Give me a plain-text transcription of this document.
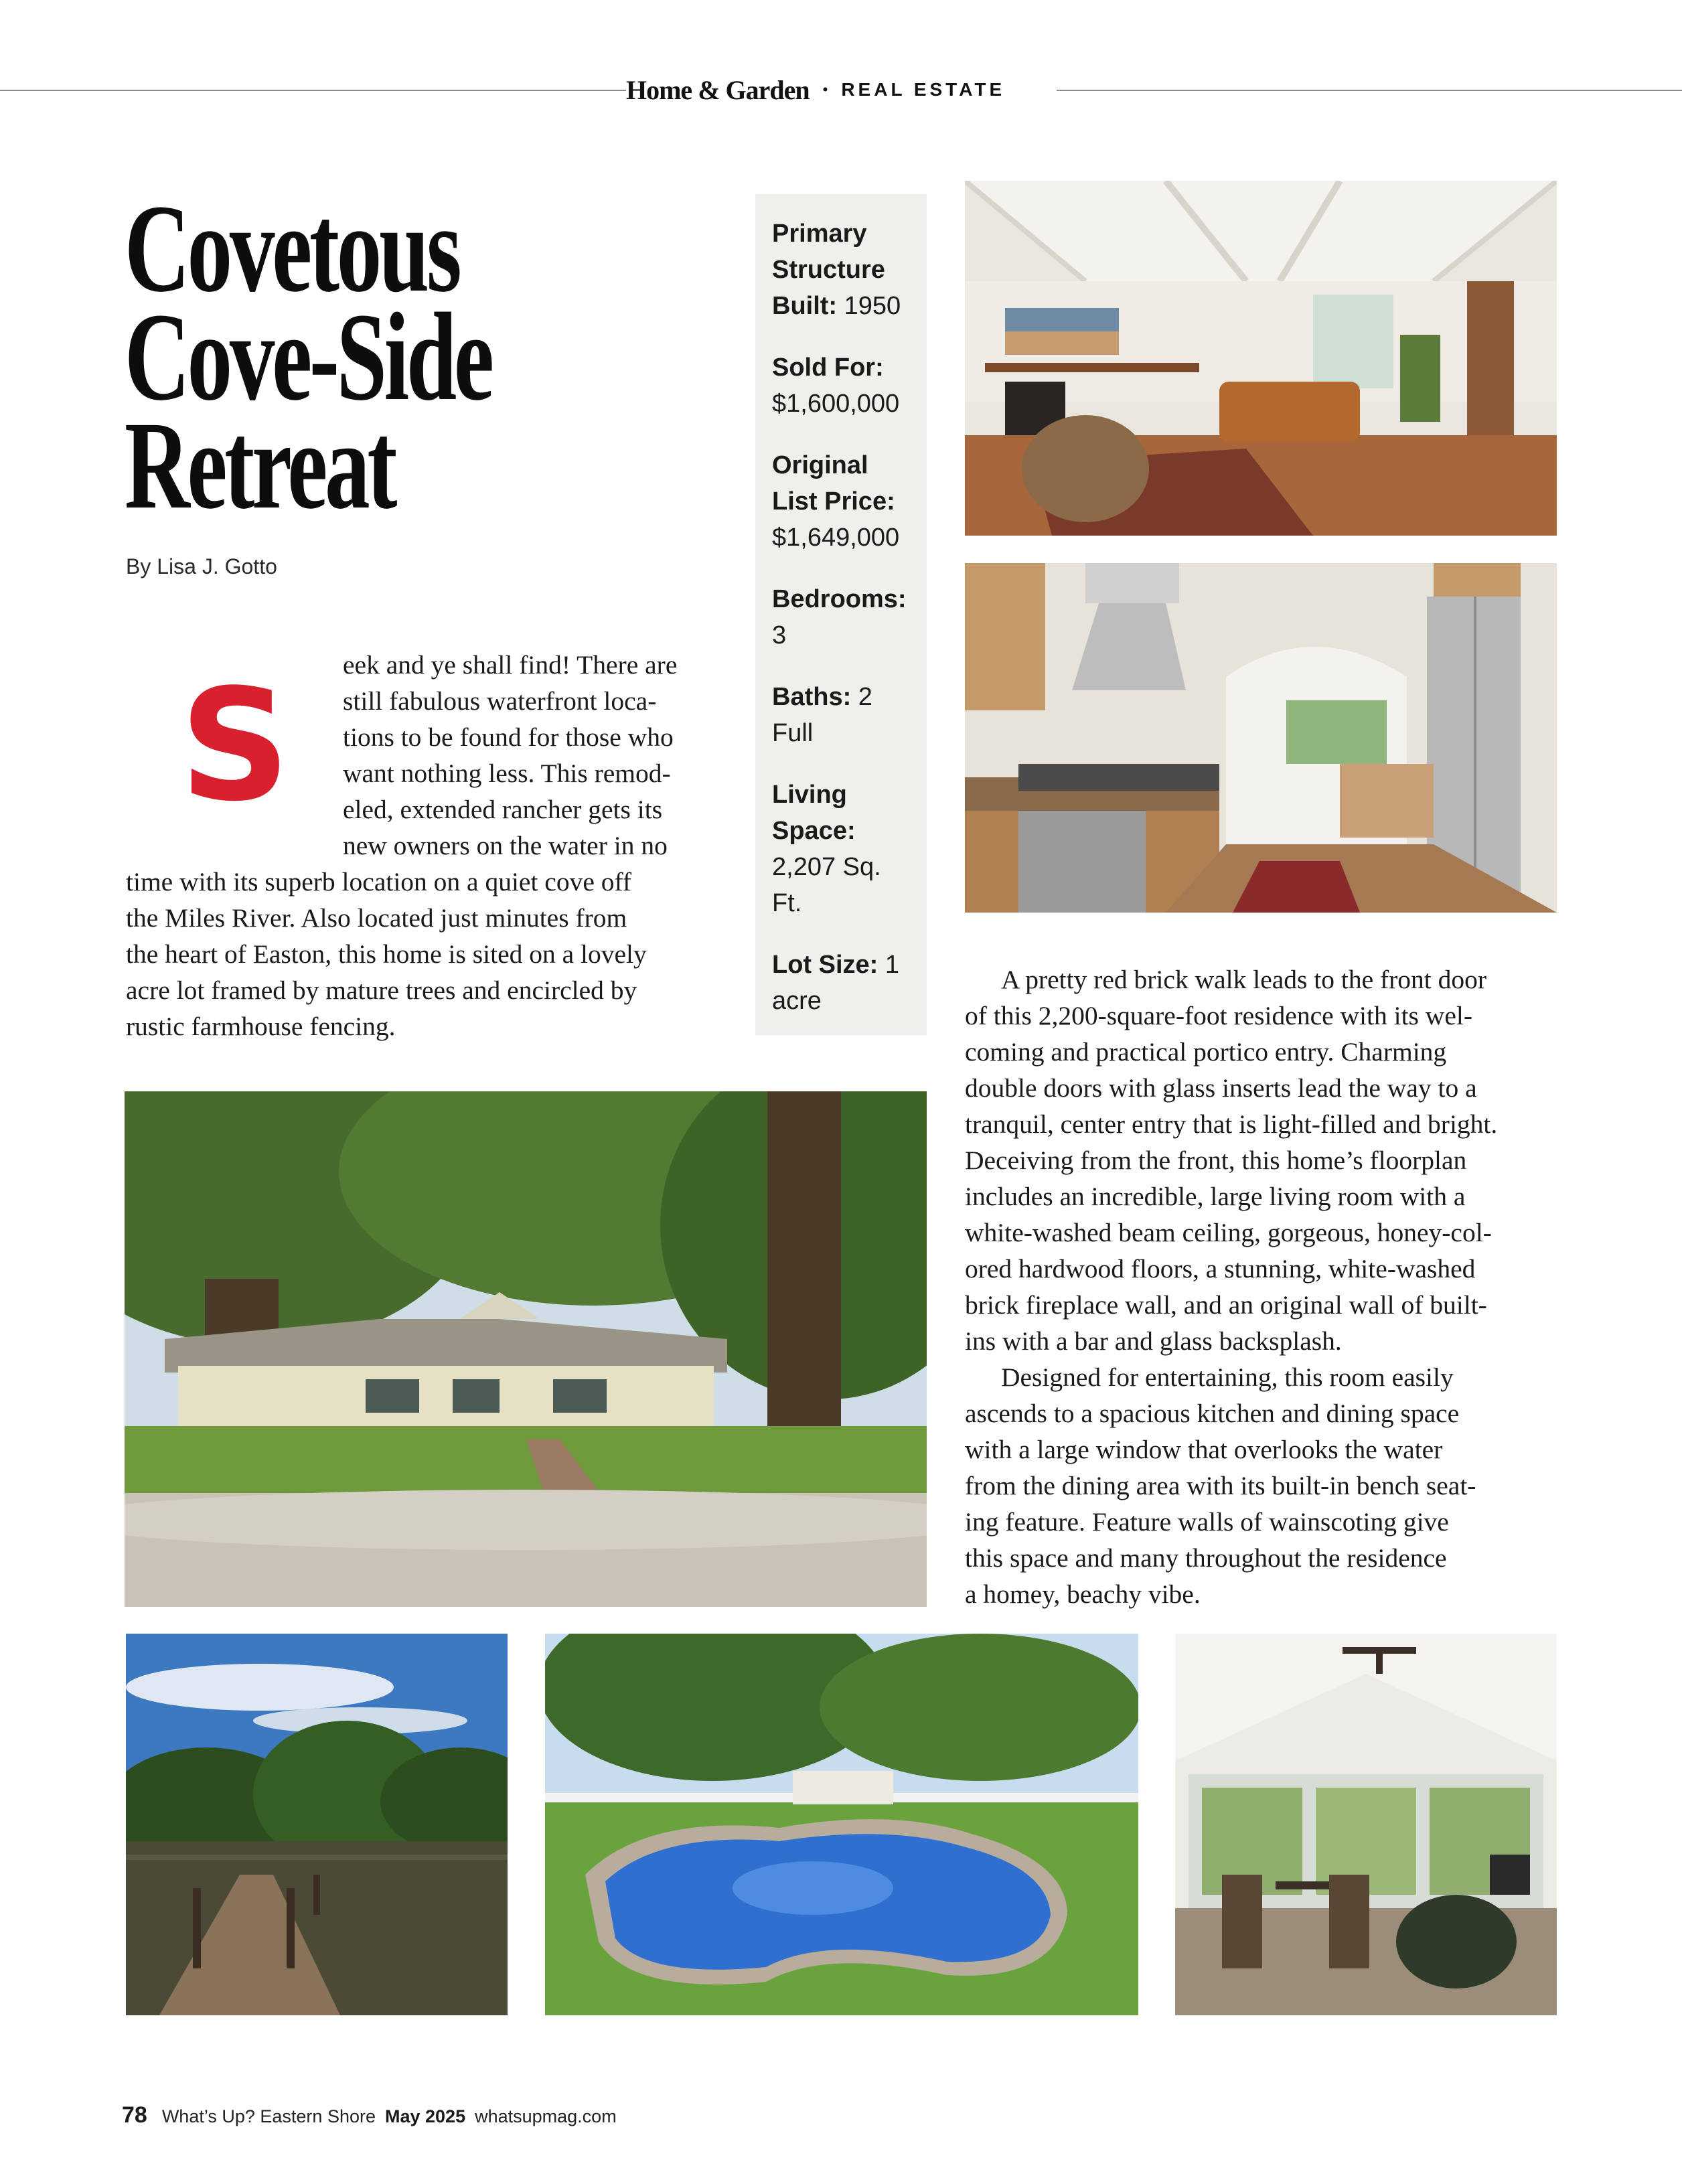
Home & Garden • REAL ESTATE
Covetous
Cove-Side
Retreat
By Lisa J. Gotto
S	eek and ye shall find! There are
still fabulous waterfront loca-
tions to be found for those who
want nothing less. This remod-
eled, extended rancher gets its
new owners on the water in no
time with its superb location on a quiet cove off
the Miles River. Also located just minutes from
the heart of Easton, this home is sited on a lovely
acre lot framed by mature trees and encircled by
rustic farmhouse fencing.
Primary
Structure
Built: 1950
Sold For:
$1,600,000
Original
List Price:
$1,649,000
Bedrooms:
3
Baths: 2
Full
Living
Space:
2,207 Sq.
Ft.
Lot Size: 1
acre
A pretty red brick walk leads to the front door
of this 2,200-square-foot residence with its wel-
coming and practical portico entry. Charming
double doors with glass inserts lead the way to a
tranquil, center entry that is light-filled and bright.
Deceiving from the front, this home’s floorplan
includes an incredible, large living room with a
white-washed beam ceiling, gorgeous, honey-col-
ored hardwood floors, a stunning, white-washed
brick fireplace wall, and an original wall of built-
ins with a bar and glass backsplash.
Designed for entertaining, this room easily
ascends to a spacious kitchen and dining space
with a large window that overlooks the water
from the dining area with its built-in bench seat-
ing feature. Feature walls of wainscoting give
this space and many throughout the residence
a homey, beachy vibe.
78 What’s Up? Eastern Shore May 2025 whatsupmag.com
